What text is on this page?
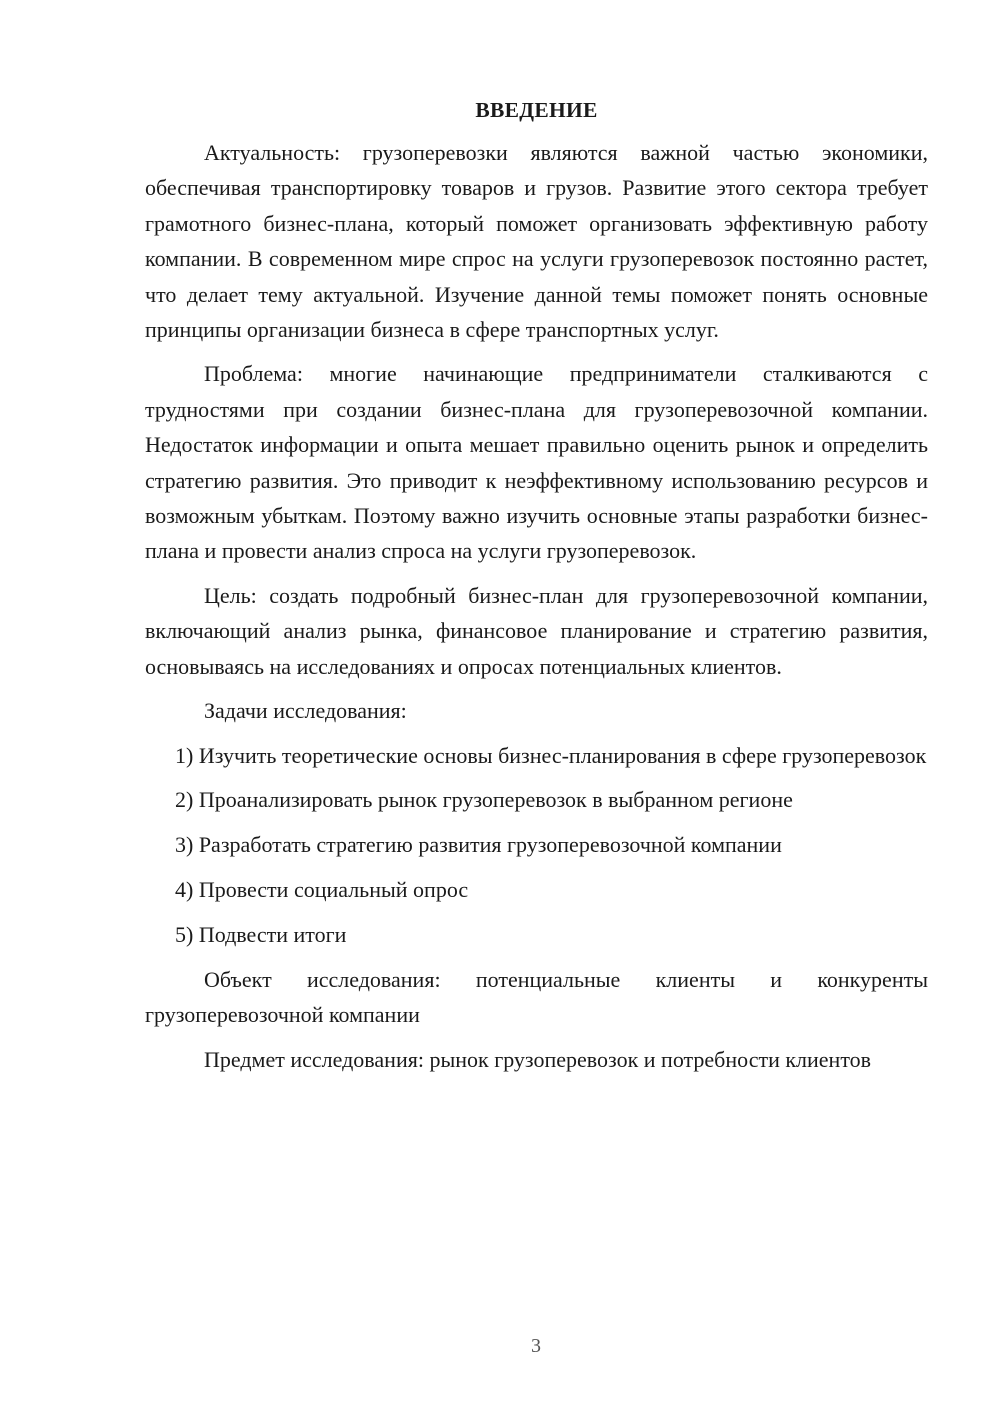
ВВЕДЕНИЕ

Актуальность: грузоперевозки являются важной частью экономики, обеспечивая транспортировку товаров и грузов. Развитие этого сектора требует грамотного бизнес-плана, который поможет организовать эффективную работу компании. В современном мире спрос на услуги грузоперевозок постоянно растет, что делает тему актуальной. Изучение данной темы поможет понять основные принципы организации бизнеса в сфере транспортных услуг.

Проблема: многие начинающие предприниматели сталкиваются с трудностями при создании бизнес-плана для грузоперевозочной компании. Недостаток информации и опыта мешает правильно оценить рынок и определить стратегию развития. Это приводит к неэффективному использованию ресурсов и возможным убыткам. Поэтому важно изучить основные этапы разработки бизнес-плана и провести анализ спроса на услуги грузоперевозок.

Цель: создать подробный бизнес-план для грузоперевозочной компании, включающий анализ рынка, финансовое планирование и стратегию развития, основываясь на исследованиях и опросах потенциальных клиентов.

Задачи исследования:

1) Изучить теоретические основы бизнес-планирования в сфере грузоперевозок

2) Проанализировать рынок грузоперевозок в выбранном регионе

3) Разработать стратегию развития грузоперевозочной компании

4) Провести социальный опрос

5) Подвести итоги

Объект исследования: потенциальные клиенты и конкуренты грузоперевозочной компании

Предмет исследования: рынок грузоперевозок и потребности клиентов

3
